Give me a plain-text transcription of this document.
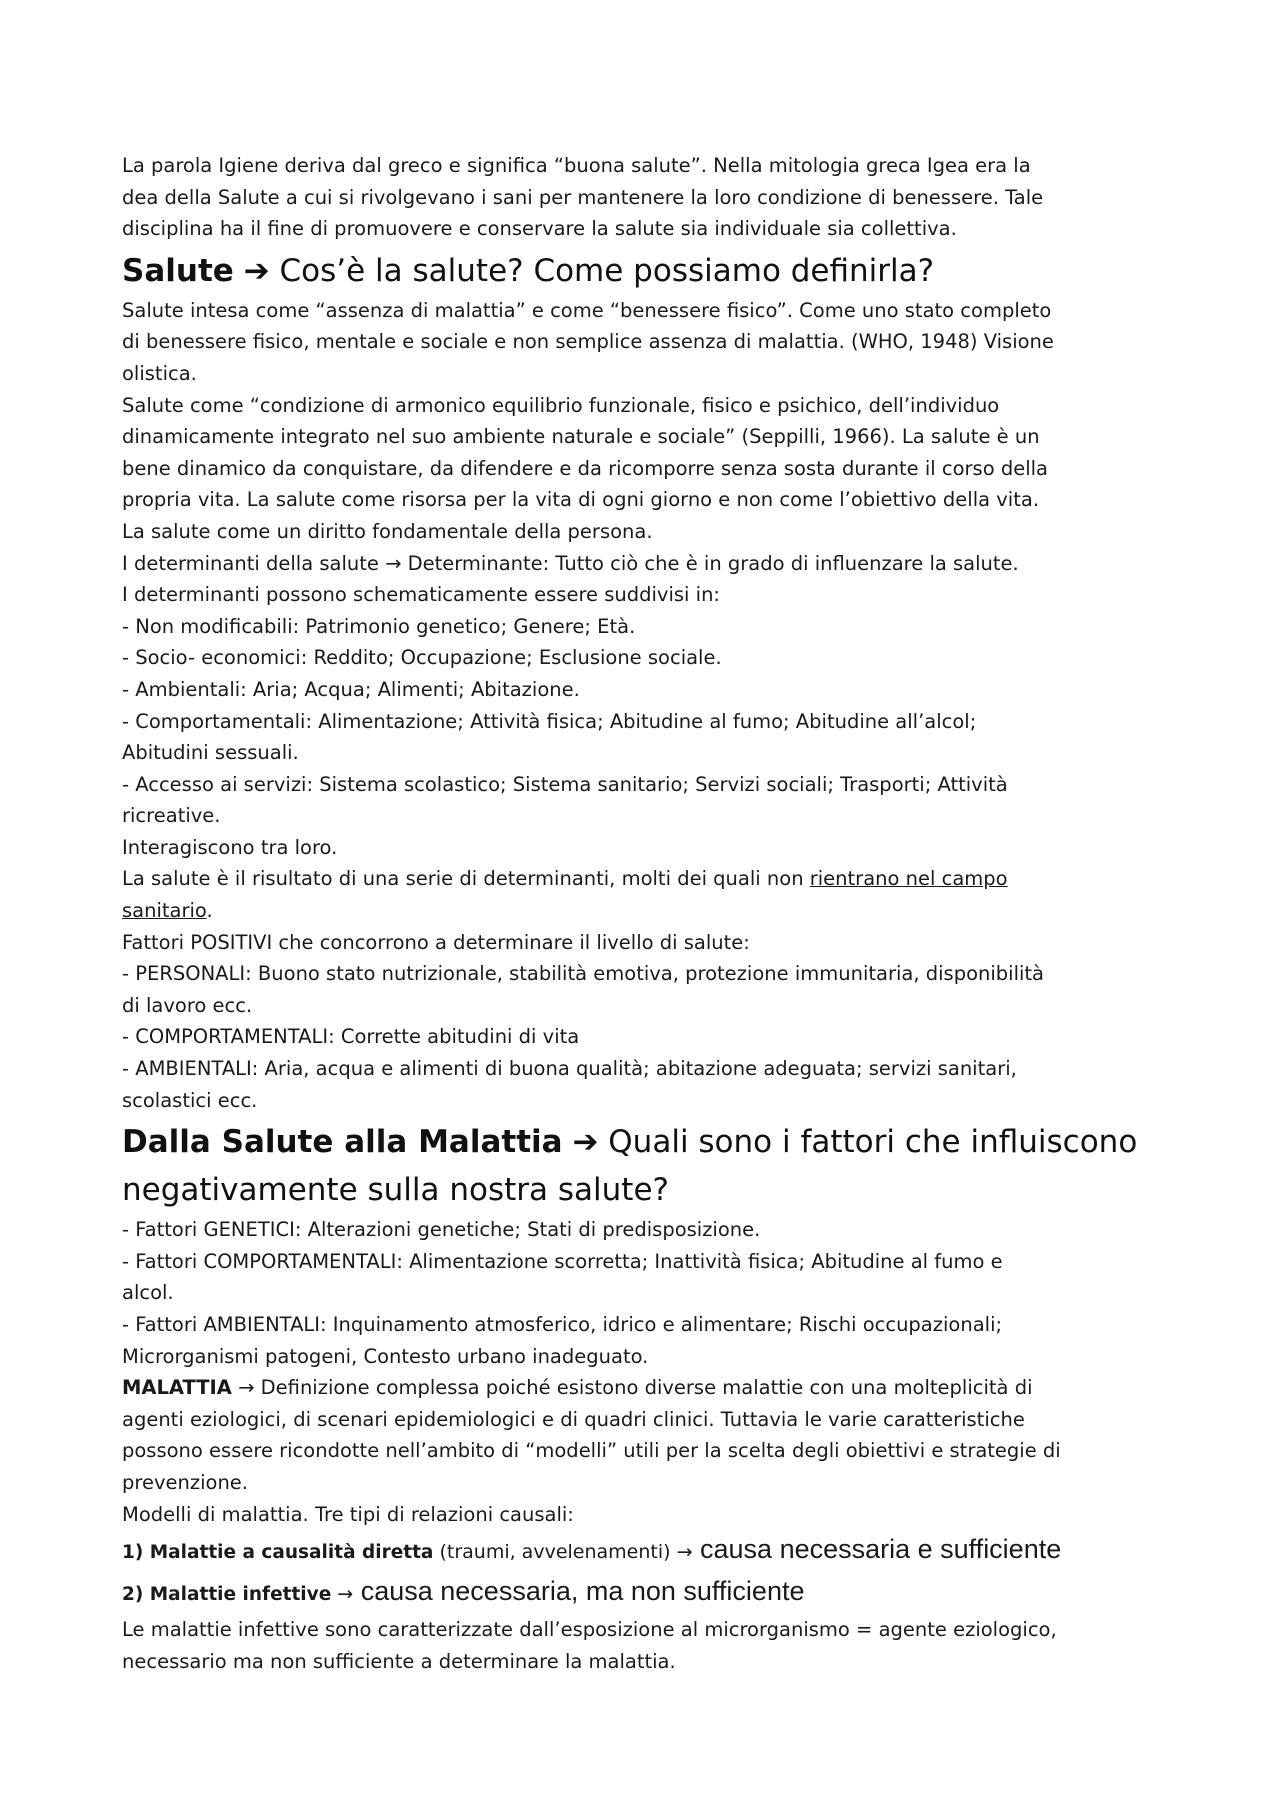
La parola Igiene deriva dal greco e significa “buona salute”. Nella mitologia greca Igea era la

dea della Salute a cui si rivolgevano i sani per mantenere la loro condizione di benessere. Tale

disciplina ha il fine di promuovere e conservare la salute sia individuale sia collettiva.

Salute ➔ Cos’è la salute? Come possiamo definirla?

Salute intesa come “assenza di malattia” e come “benessere fisico”. Come uno stato completo

di benessere fisico, mentale e sociale e non semplice assenza di malattia. (WHO, 1948) Visione

olistica.

Salute come “condizione di armonico equilibrio funzionale, fisico e psichico, dell’individuo

dinamicamente integrato nel suo ambiente naturale e sociale” (Seppilli, 1966). La salute è un

bene dinamico da conquistare, da difendere e da ricomporre senza sosta durante il corso della

propria vita. La salute come risorsa per la vita di ogni giorno e non come l’obiettivo della vita.

La salute come un diritto fondamentale della persona.

I determinanti della salute → Determinante: Tutto ciò che è in grado di influenzare la salute.

I determinanti possono schematicamente essere suddivisi in:

- Non modificabili: Patrimonio genetico; Genere; Età.

- Socio- economici: Reddito; Occupazione; Esclusione sociale.

- Ambientali: Aria; Acqua; Alimenti; Abitazione.

- Comportamentali: Alimentazione; Attività fisica; Abitudine al fumo; Abitudine all’alcol;

Abitudini sessuali.

- Accesso ai servizi: Sistema scolastico; Sistema sanitario; Servizi sociali; Trasporti; Attività

ricreative.

Interagiscono tra loro.

La salute è il risultato di una serie di determinanti, molti dei quali non rientrano nel campo

sanitario.

Fattori POSITIVI che concorrono a determinare il livello di salute:

- PERSONALI: Buono stato nutrizionale, stabilità emotiva, protezione immunitaria, disponibilità

di lavoro ecc.

- COMPORTAMENTALI: Corrette abitudini di vita

- AMBIENTALI: Aria, acqua e alimenti di buona qualità; abitazione adeguata; servizi sanitari,

scolastici ecc.

Dalla Salute alla Malattia ➔ Quali sono i fattori che influiscono
negativamente sulla nostra salute?

- Fattori GENETICI: Alterazioni genetiche; Stati di predisposizione.

- Fattori COMPORTAMENTALI: Alimentazione scorretta; Inattività fisica; Abitudine al fumo e

alcol.

- Fattori AMBIENTALI: Inquinamento atmosferico, idrico e alimentare; Rischi occupazionali;

Microrganismi patogeni, Contesto urbano inadeguato.

MALATTIA → Definizione complessa poiché esistono diverse malattie con una molteplicità di

agenti eziologici, di scenari epidemiologici e di quadri clinici. Tuttavia le varie caratteristiche

possono essere ricondotte nell’ambito di “modelli” utili per la scelta degli obiettivi e strategie di

prevenzione.

Modelli di malattia. Tre tipi di relazioni causali:

1) Malattie a causalità diretta (traumi, avvelenamenti) → causa necessaria e sufficiente

2) Malattie infettive → causa necessaria, ma non sufficiente

Le malattie infettive sono caratterizzate dall’esposizione al microrganismo = agente eziologico,

necessario ma non sufficiente a determinare la malattia.
